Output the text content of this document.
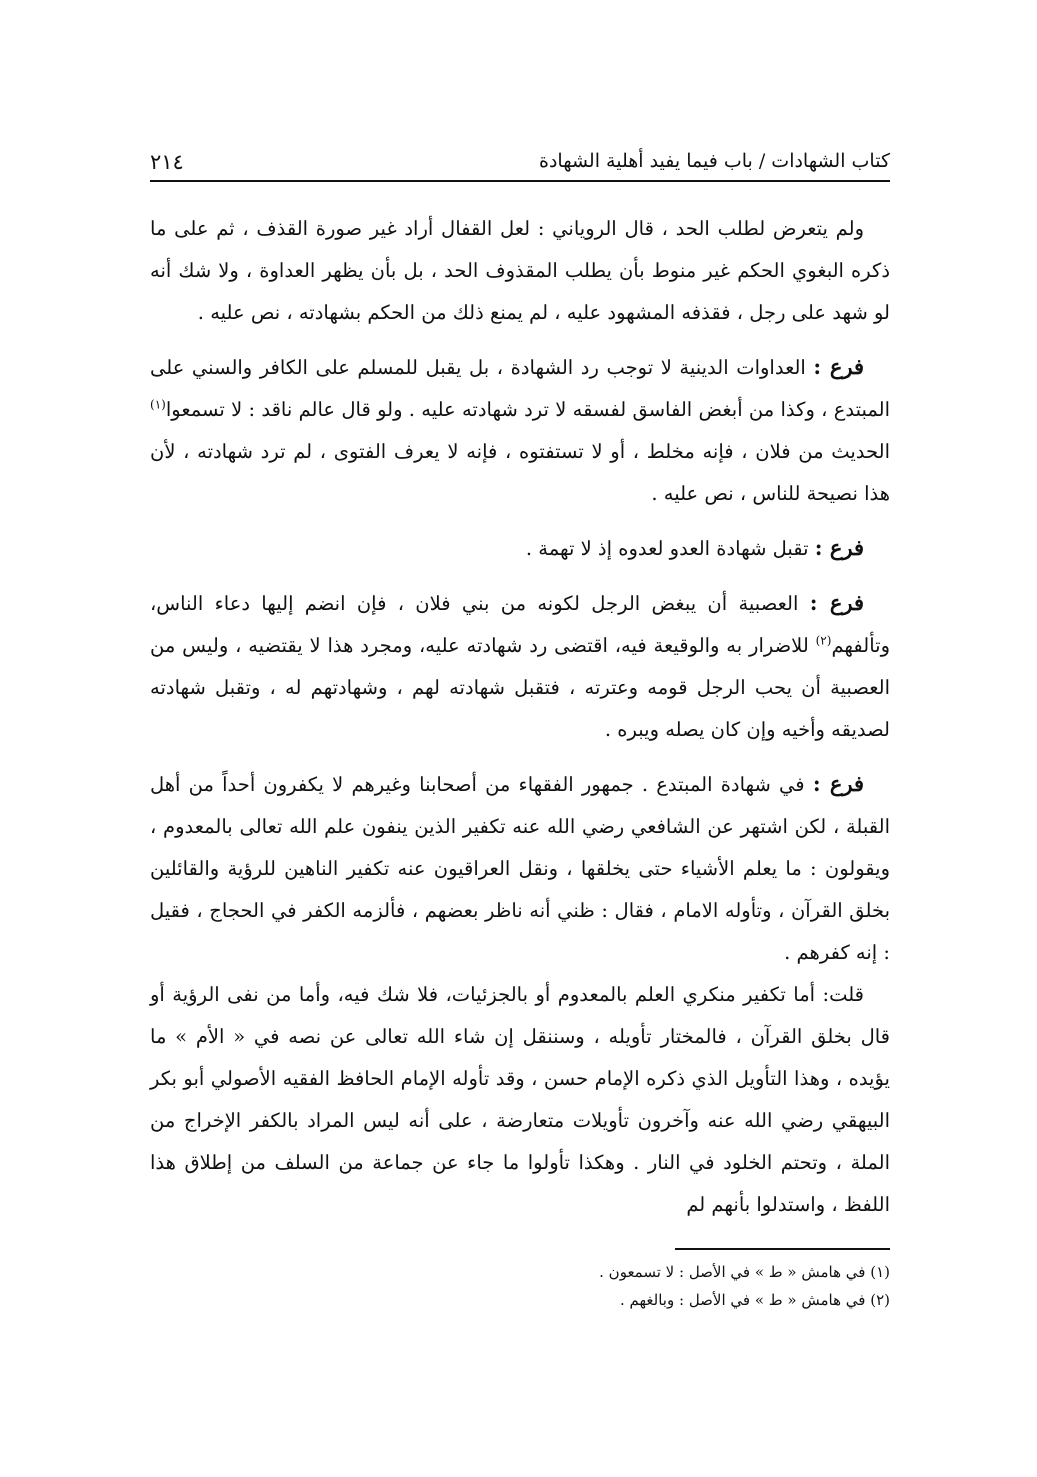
كتاب الشهادات / باب فيما يفيد أهلية الشهادة
٢١٤

ولم يتعرض لطلب الحد ، قال الروياني : لعل القفال أراد غير صورة القذف ، ثم على ما ذكره البغوي الحكم غير منوط بأن يطلب المقذوف الحد ، بل بأن يظهر العداوة ، ولا شك أنه لو شهد على رجل ، فقذفه المشهود عليه ، لم يمنع ذلك من الحكم بشهادته ، نص عليه .

فرع : العداوات الدينية لا توجب رد الشهادة ، بل يقبل للمسلم على الكافر والسني على المبتدع ، وكذا من أبغض الفاسق لفسقه لا ترد شهادته عليه . ولو قال عالم ناقد : لا تسمعوا$^{(١)}$ الحديث من فلان ، فإنه مخلط ، أو لا تستفتوه ، فإنه لا يعرف الفتوى ، لم ترد شهادته ، لأن هذا نصيحة للناس ، نص عليه .

فرع : تقبل شهادة العدو لعدوه إذ لا تهمة .

فرع : العصبية أن يبغض الرجل لكونه من بني فلان ، فإن انضم إليها دعاء الناس، وتألفهم$^{(٢)}$ للاضرار به والوقيعة فيه، اقتضى رد شهادته عليه، ومجرد هذا لا يقتضيه ، وليس من العصبية أن يحب الرجل قومه وعترته ، فتقبل شهادته لهم ، وشهادتهم له ، وتقبل شهادته لصديقه وأخيه وإن كان يصله ويبره .

فرع : في شهادة المبتدع . جمهور الفقهاء من أصحابنا وغيرهم لا يكفرون أحداً من أهل القبلة ، لكن اشتهر عن الشافعي رضي الله عنه تكفير الذين ينفون علم الله تعالى بالمعدوم ، ويقولون : ما يعلم الأشياء حتى يخلقها ، ونقل العراقيون عنه تكفير الناهين للرؤية والقائلين بخلق القرآن ، وتأوله الامام ، فقال : ظني أنه ناظر بعضهم ، فألزمه الكفر في الحجاج ، فقيل : إنه كفرهم .

قلت: أما تكفير منكري العلم بالمعدوم أو بالجزئيات، فلا شك فيه، وأما من نفى الرؤية أو قال بخلق القرآن ، فالمختار تأويله ، وسننقل إن شاء الله تعالى عن نصه في « الأم » ما يؤيده ، وهذا التأويل الذي ذكره الإمام حسن ، وقد تأوله الإمام الحافظ الفقيه الأصولي أبو بكر البيهقي رضي الله عنه وآخرون تأويلات متعارضة ، على أنه ليس المراد بالكفر الإخراج من الملة ، وتحتم الخلود في النار . وهكذا تأولوا ما جاء عن جماعة من السلف من إطلاق هذا اللفظ ، واستدلوا بأنهم لم

(١) في هامش « ط » في الأصل : لا تسمعون .

(٢) في هامش « ط » في الأصل : وبالغهم .
